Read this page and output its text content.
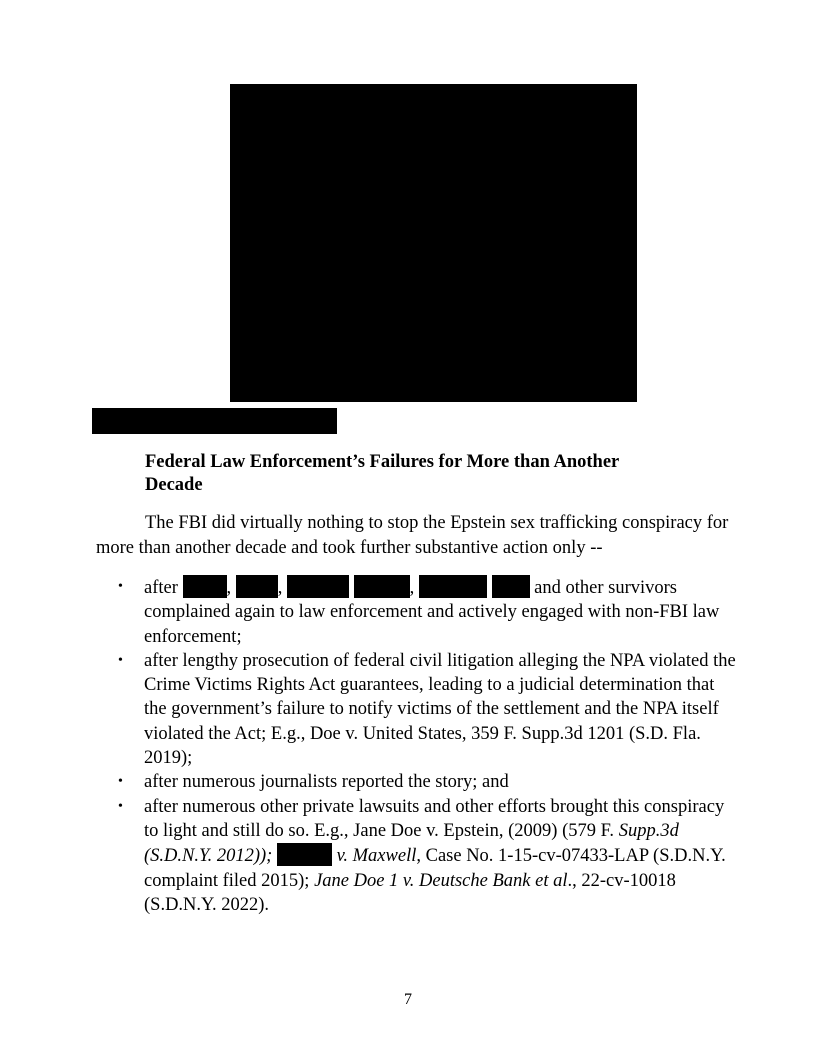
Federal Law Enforcement’s Failures for More than Another Decade
The FBI did virtually nothing to stop the Epstein sex trafficking conspiracy for more than another decade and took further substantive action only --
• after	,	,	,	and other survivors complained again to law enforcement and actively engaged with non-FBI law enforcement;
• after lengthy prosecution of federal civil litigation alleging the NPA violated the Crime Victims Rights Act guarantees, leading to a judicial determination that the government’s failure to notify victims of the settlement and the NPA itself violated the Act; E.g., Doe v. United States, 359 F. Supp.3d 1201 (S.D. Fla. 2019);
• after numerous journalists reported the story; and
• after numerous other private lawsuits and other efforts brought this conspiracy to light and still do so. E.g., Jane Doe v. Epstein, (2009) (579 F. Supp.3d (S.D.N.Y. 2012));	v. Maxwell, Case No. 1-15-cv-07433-LAP (S.D.N.Y. complaint filed 2015); Jane Doe 1 v. Deutsche Bank et al., 22-cv-10018 (S.D.N.Y. 2022).
7
